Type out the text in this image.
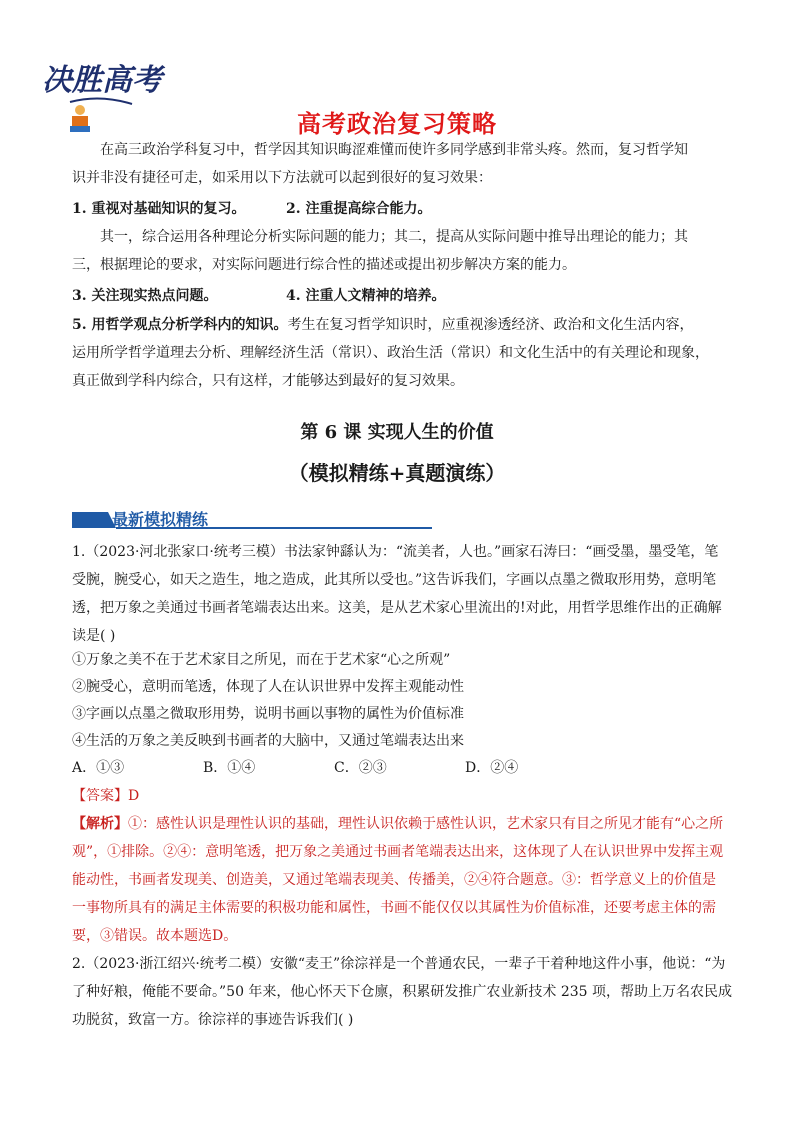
决胜高考
高考政治复习策略
在高三政治学科复习中，哲学因其知识晦涩难懂而使许多同学感到非常头疼。然而，复习哲学知
识并非没有捷径可走，如采用以下方法就可以起到很好的复习效果：
1. 重视对基础知识的复习。	2. 注重提高综合能力。
其一，综合运用各种理论分析实际问题的能力；其二，提高从实际问题中推导出理论的能力；其
三，根据理论的要求，对实际问题进行综合性的描述或提出初步解决方案的能力。
3. 关注现实热点问题。	4. 注重人文精神的培养。
5. 用哲学观点分析学科内的知识。考生在复习哲学知识时，应重视渗透经济、政治和文化生活内容，
运用所学哲学道理去分析、理解经济生活（常识）、政治生活（常识）和文化生活中的有关理论和现象，
真正做到学科内综合，只有这样，才能够达到最好的复习效果。
第 6 课 实现人生的价值
（模拟精练+真题演练）
最新模拟精练
1.（2023·河北张家口·统考三模）书法家钟繇认为：“流美者，人也。”画家石涛曰：“画受墨，墨受笔，笔
受腕，腕受心，如天之造生，地之造成，此其所以受也。”这告诉我们，字画以点墨之微取形用势，意明笔
透，把万象之美通过书画者笔端表达出来。这美，是从艺术家心里流出的!对此，用哲学思维作出的正确解
读是( )
①万象之美不在于艺术家目之所见，而在于艺术家“心之所观”
②腕受心，意明而笔透，体现了人在认识世界中发挥主观能动性
③字画以点墨之微取形用势，说明书画以事物的属性为价值标准
④生活的万象之美反映到书画者的大脑中，又通过笔端表达出来
A．①③	B．①④	C．②③	D．②④
【答案】D
【解析】①：感性认识是理性认识的基础，理性认识依赖于感性认识，艺术家只有目之所见才能有“心之所
观”，①排除。②④：意明笔透，把万象之美通过书画者笔端表达出来，这体现了人在认识世界中发挥主观
能动性，书画者发现美、创造美，又通过笔端表现美、传播美，②④符合题意。③：哲学意义上的价值是
一事物所具有的满足主体需要的积极功能和属性，书画不能仅仅以其属性为价值标准，还要考虑主体的需
要，③错误。故本题选D。
2.（2023·浙江绍兴·统考二模）安徽“麦王”徐淙祥是一个普通农民，一辈子干着种地这件小事，他说：“为
了种好粮，俺能不要命。”50 年来，他心怀天下仓廪，积累研发推广农业新技术 235 项，帮助上万名农民成
功脱贫，致富一方。徐淙祥的事迹告诉我们( )
